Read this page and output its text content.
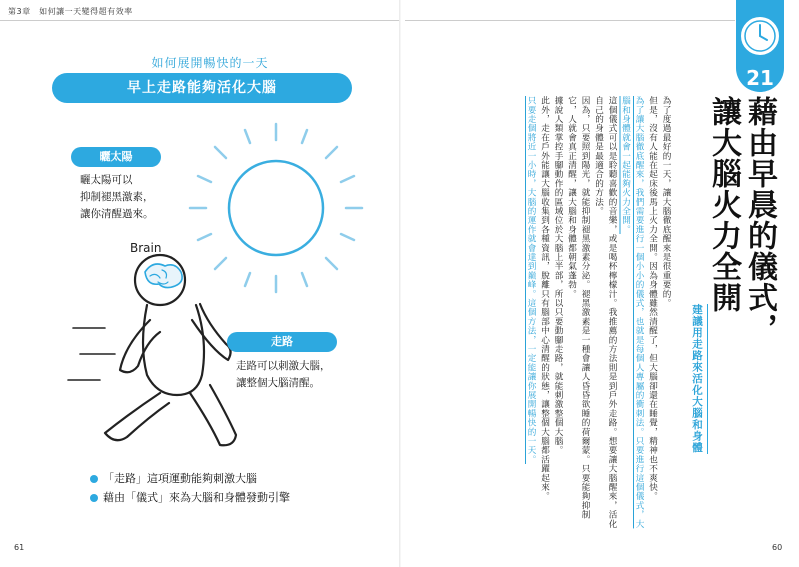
第3章　如何讓一天變得超有效率
如何展開暢快的一天
早上走路能夠活化大腦
曬太陽
曬太陽可以
抑制褪黑激素，
讓你清醒過來。
Brain
走路
走路可以刺激大腦，
讓整個大腦清醒。
「走路」這項運動能夠刺激大腦
藉由「儀式」來為大腦和身體發動引擎
61
21
藉由早晨的儀式，
讓大腦火力全開
建議用走路來活化大腦和身體

為了度過最好的一天，讓大腦徹底醒來是很重要的。

但是，沒有人能在起床後馬上火力全開。因為身體雖然清醒了，但大腦卻還在睡覺，精神也不爽快。

為了讓大腦徹底醒來，我們需要進行一個小小的儀式，也就是每個人專屬的衝刺法。只要進行這個儀式，大腦和身體就會一起能夠火力全開。

這個儀式可以是聆聽喜歡的音樂，或是喝杯檸檬汁。我推薦的方法則是到戶外走路。想要讓大腦醒來，活化自己的身體是最適合的方法。

因為，只要照到陽光，就能抑制褪黑激素分泌。褪黑激素是一種會讓人昏昏欲睡的荷爾蒙。只要能夠抑制它，人就會真正清醒，讓大腦和身體都朝氣蓬勃。

據說人類掌控手腳動作的區域位於大腦上半部，所以只要動腳走路，就能刺激整個大腦。

此外，走在戶外能讓大腦收集到各種資訊，脫離只有腦部中心清醒的狀態，讓整個大腦都活躍起來。

只要走個將近一小時，大腦的運作就會達到巔峰。這個方法，一定能讓你展開暢快的一天。

60
